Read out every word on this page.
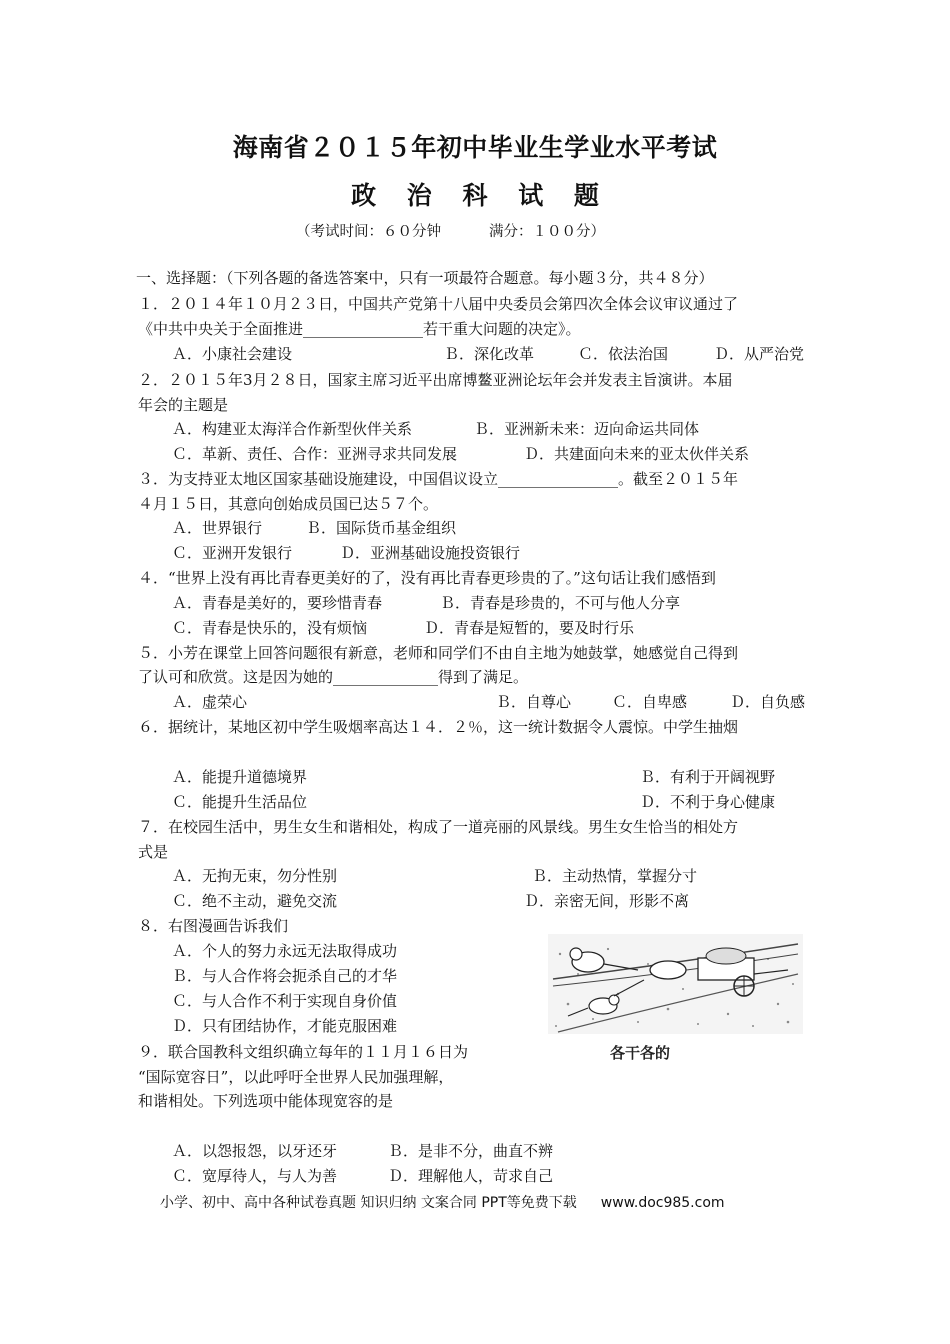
海南省２０１５年初中毕业生学业水平考试
政 治 科 试 题
（考试时间：６０分钟	满分：１００分）
一、选择题：（下列各题的备选答案中，只有一项最符合题意。每小题３分，共４８分）
１．２０１４年１０月２３日，中国共产党第十八届中央委员会第四次全体会议审议通过了
《中共中央关于全面推进________________若干重大问题的决定》。
Ａ．小康社会建设	Ｂ．深化改革	Ｃ．依法治国	Ｄ．从严治党
２．２０１５年3月２８日，国家主席习近平出席博鳌亚洲论坛年会并发表主旨演讲。本届
年会的主题是
Ａ．构建亚太海洋合作新型伙伴关系	Ｂ．亚洲新未来：迈向命运共同体
Ｃ．革新、责任、合作：亚洲寻求共同发展	Ｄ．共建面向未来的亚太伙伴关系
３．为支持亚太地区国家基础设施建设，中国倡议设立________________。截至２０１５年
４月１５日，其意向创始成员国已达５７个。
Ａ．世界银行	Ｂ．国际货币基金组织
Ｃ．亚洲开发银行	Ｄ．亚洲基础设施投资银行
４．“世界上没有再比青春更美好的了，没有再比青春更珍贵的了。”这句话让我们感悟到
Ａ．青春是美好的，要珍惜青春	Ｂ．青春是珍贵的，不可与他人分享
Ｃ．青春是快乐的，没有烦恼	Ｄ．青春是短暂的，要及时行乐
５．小芳在课堂上回答问题很有新意，老师和同学们不由自主地为她鼓掌，她感觉自己得到
了认可和欣赏。这是因为她的______________得到了满足。
Ａ．虚荣心	Ｂ．自尊心	Ｃ．自卑感	Ｄ．自负感
６．据统计，某地区初中学生吸烟率高达１４．２％，这一统计数据令人震惊。中学生抽烟
Ａ．能提升道德境界	Ｂ．有利于开阔视野
Ｃ．能提升生活品位	Ｄ．不利于身心健康
７．在校园生活中，男生女生和谐相处，构成了一道亮丽的风景线。男生女生恰当的相处方
式是
Ａ．无拘无束，勿分性别	Ｂ．主动热情，掌握分寸
Ｃ．绝不主动，避免交流	Ｄ．亲密无间，形影不离
８．右图漫画告诉我们
Ａ．个人的努力永远无法取得成功
Ｂ．与人合作将会扼杀自己的才华
Ｃ．与人合作不利于实现自身价值
Ｄ．只有团结协作，才能克服困难
各干各的
９．联合国教科文组织确立每年的１１月１６日为
“国际宽容日”，以此呼吁全世界人民加强理解，
和谐相处。下列选项中能体现宽容的是
Ａ．以怨报怨，以牙还牙	Ｂ．是非不分，曲直不辨
Ｃ．宽厚待人，与人为善	Ｄ．理解他人，苛求自己
小学、初中、高中各种试卷真题 知识归纳 文案合同 PPT等免费下载 www.doc985.com
